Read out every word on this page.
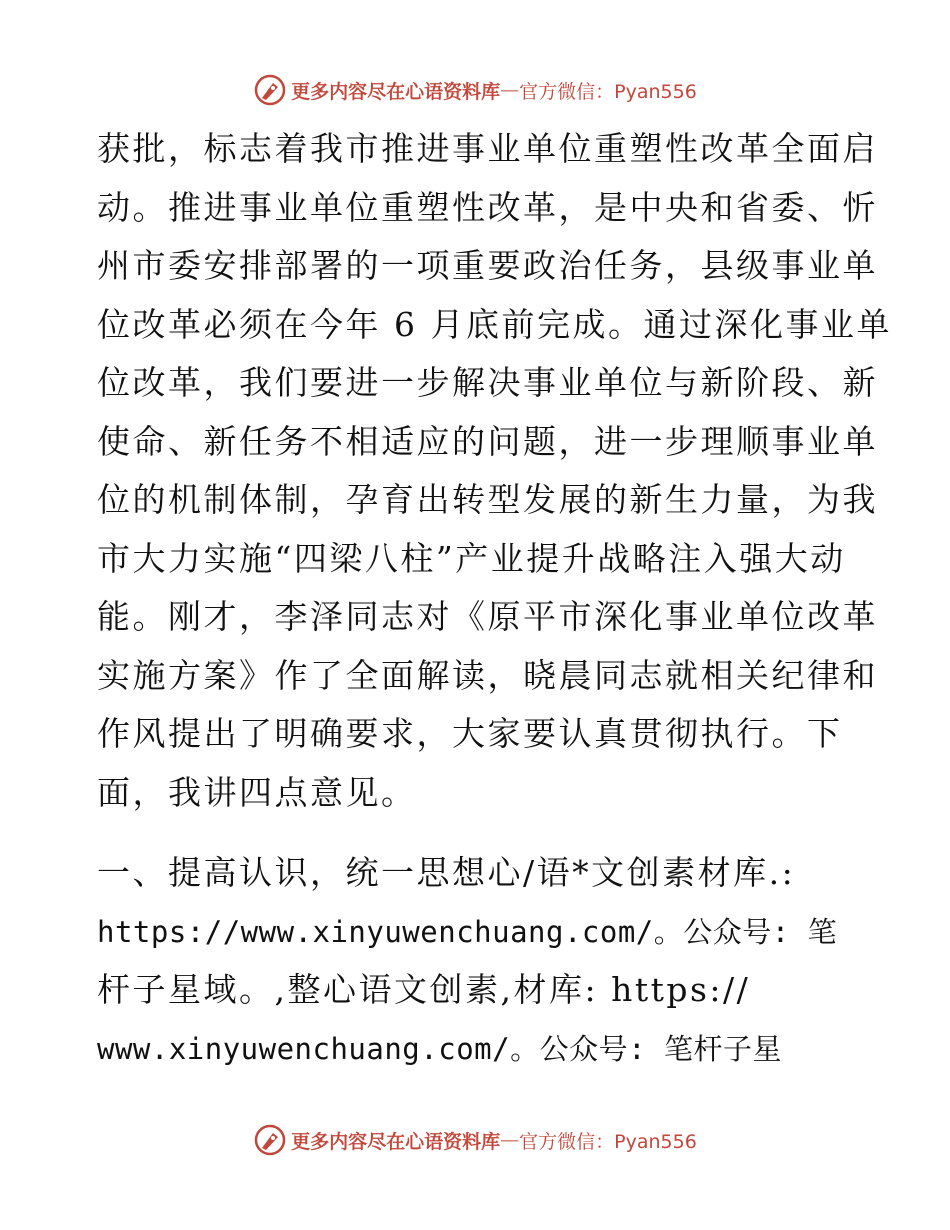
更多内容尽在心语资料库 — 官方微信：Pyan556
获批，标志着我市推进事业单位重塑性改革全面启
动。推进事业单位重塑性改革，是中央和省委、忻
州市委安排部署的一项重要政治任务，县级事业单
位改革必须在今年 6 月底前完成。通过深化事业单
位改革，我们要进一步解决事业单位与新阶段、新
使命、新任务不相适应的问题，进一步理顺事业单
位的机制体制，孕育出转型发展的新生力量，为我
市大力实施“四梁八柱”产业提升战略注入强大动
能。刚才，李泽同志对《原平市深化事业单位改革
实施方案》作了全面解读，晓晨同志就相关纪律和
作风提出了明确要求，大家要认真贯彻执行。下
面，我讲四点意见。
一、提高认识，统一思想心/语*文创素材库.:
https://www.xinyuwenchuang.com/。公众号: 笔
杆子星域。,整心语文创素,材库: https://
www.xinyuwenchuang.com/。公众号: 笔杆子星
更多内容尽在心语资料库 — 官方微信：Pyan556
